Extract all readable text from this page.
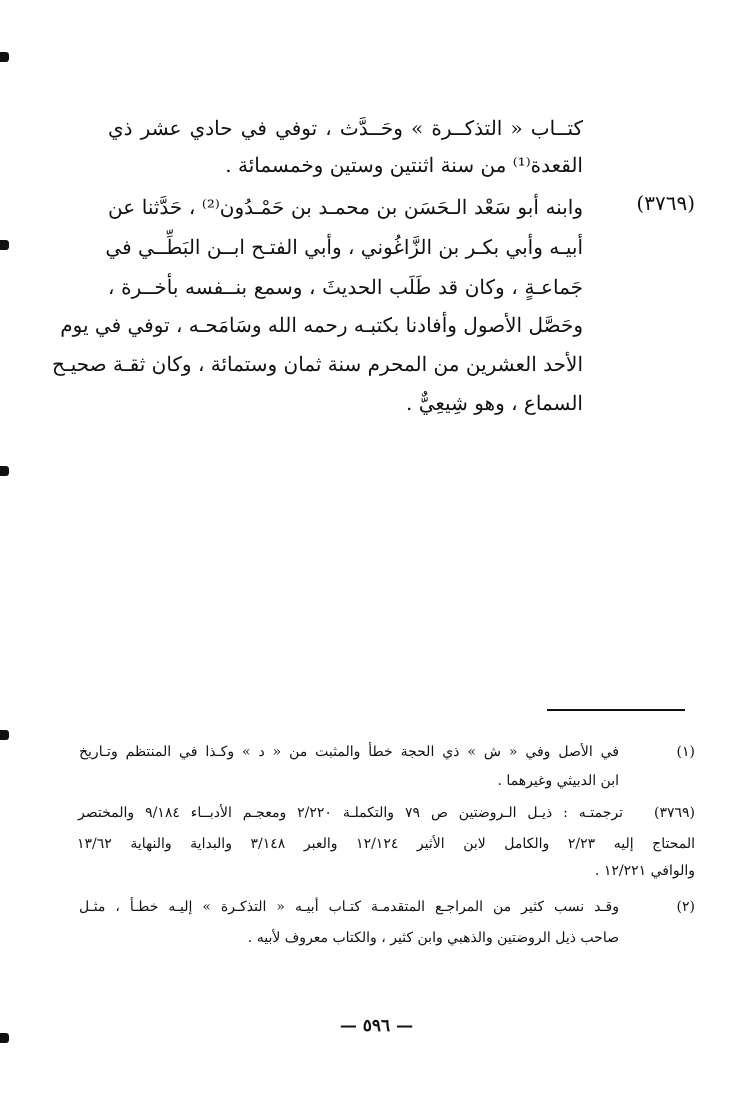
كتــاب « التذكــرة » وحَــدَّث ، توفي في حادي عشر ذي
القعدة⁽¹⁾ من سنة اثنتين وستين وخمسمائة .
(٣٧٦٩)
وابنه أبو سَعْد الـحَسَن بن محمـد بن حَمْـدُون⁽²⁾ ، حَدَّثنا عن
أبيـه وأبي بكـر بن الزَّاغُوني ، وأبي الفتـح ابــن البَطِّــي في
جَماعـةٍ ، وكان قد طَلَب الحديثَ ، وسمع بنــفسه بأخــرة ،
وحَصَّل الأصول وأفادنا بكتبـه رحمه الله وسَامَحـه ، توفي في يوم
الأحد العشرين من المحرم سنة ثمان وستمائة ، وكان ثقـة صحيـح
السماع ، وهو شِيعِيٌّ .
(١)
في الأصل وفي « ش » ذي الحجة خطأ والمثبت من « د » وكـذا في المنتظم وتـاريخ
ابن الدبيثي وغيرهما .
(٣٧٦٩)
ترجمتـه : ذيـل الـروضتين ص ٧٩ والتكملـة ٢/٢٢٠ ومعجـم الأدبــاء ٩/١٨٤ والمختصر
المحتاج إليه ٢/٢٣ والكامل لابن الأثير ١٢/١٢٤ والعبر ٣/١٤٨ والبداية والنهاية ١٣/٦٢
والوافي ١٢/٢٢١ .
(٢)
وقـد نسب كثير من المراجـع المتقدمـة كتـاب أبيـه « التذكـرة » إليـه خطـأ ، مثـل
صاحب ذيل الروضتين والذهبي وابن كثير ، والكتاب معروف لأبيه .
— ٥٩٦ —
